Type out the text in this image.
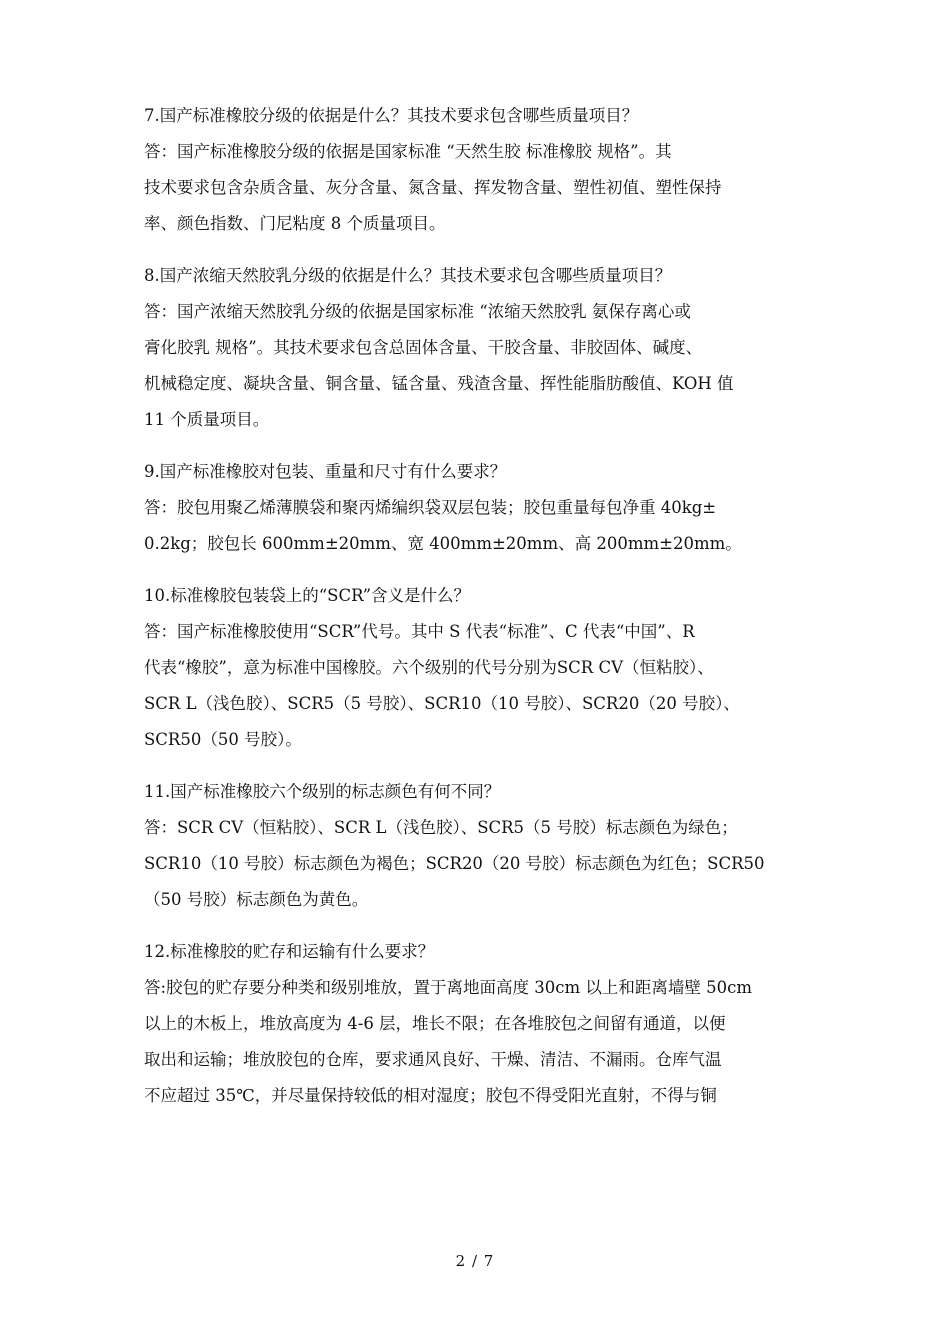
7.国产标准橡胶分级的依据是什么？其技术要求包含哪些质量项目？

答：国产标准橡胶分级的依据是国家标准 “天然生胶 标准橡胶 规格”。其

技术要求包含杂质含量、灰分含量、氮含量、挥发物含量、塑性初值、塑性保持

率、颜色指数、门尼粘度 8 个质量项目。

8.国产浓缩天然胶乳分级的依据是什么？其技术要求包含哪些质量项目？

答：国产浓缩天然胶乳分级的依据是国家标准 “浓缩天然胶乳 氨保存离心或

膏化胶乳 规格”。其技术要求包含总固体含量、干胶含量、非胶固体、碱度、

机械稳定度、凝块含量、铜含量、锰含量、残渣含量、挥性能脂肪酸值、KOH 值

11 个质量项目。

9.国产标准橡胶对包装、重量和尺寸有什么要求？

答：胶包用聚乙烯薄膜袋和聚丙烯编织袋双层包装；胶包重量每包净重 40kg±

0.2kg；胶包长 600mm±20mm、宽 400mm±20mm、高 200mm±20mm。

10.标准橡胶包装袋上的“SCR”含义是什么？

答：国产标准橡胶使用“SCR”代号。其中 S 代表“标准”、C 代表“中国”、R

代表“橡胶”，意为标准中国橡胶。六个级别的代号分别为SCR CV（恒粘胶）、

SCR L（浅色胶）、SCR5（5 号胶）、SCR10（10 号胶）、SCR20（20 号胶）、

SCR50（50 号胶）。

11.国产标准橡胶六个级别的标志颜色有何不同？

答：SCR CV（恒粘胶）、SCR L（浅色胶）、SCR5（5 号胶）标志颜色为绿色；

SCR10（10 号胶）标志颜色为褐色；SCR20（20 号胶）标志颜色为红色；SCR50

（50 号胶）标志颜色为黄色。

12.标准橡胶的贮存和运输有什么要求？

答:胶包的贮存要分种类和级别堆放，置于离地面高度 30cm 以上和距离墙壁 50cm

以上的木板上，堆放高度为 4-6 层，堆长不限；在各堆胶包之间留有通道，以便

取出和运输；堆放胶包的仓库，要求通风良好、干燥、清洁、不漏雨。仓库气温

不应超过 35℃，并尽量保持较低的相对湿度；胶包不得受阳光直射，不得与铜

2 / 7
